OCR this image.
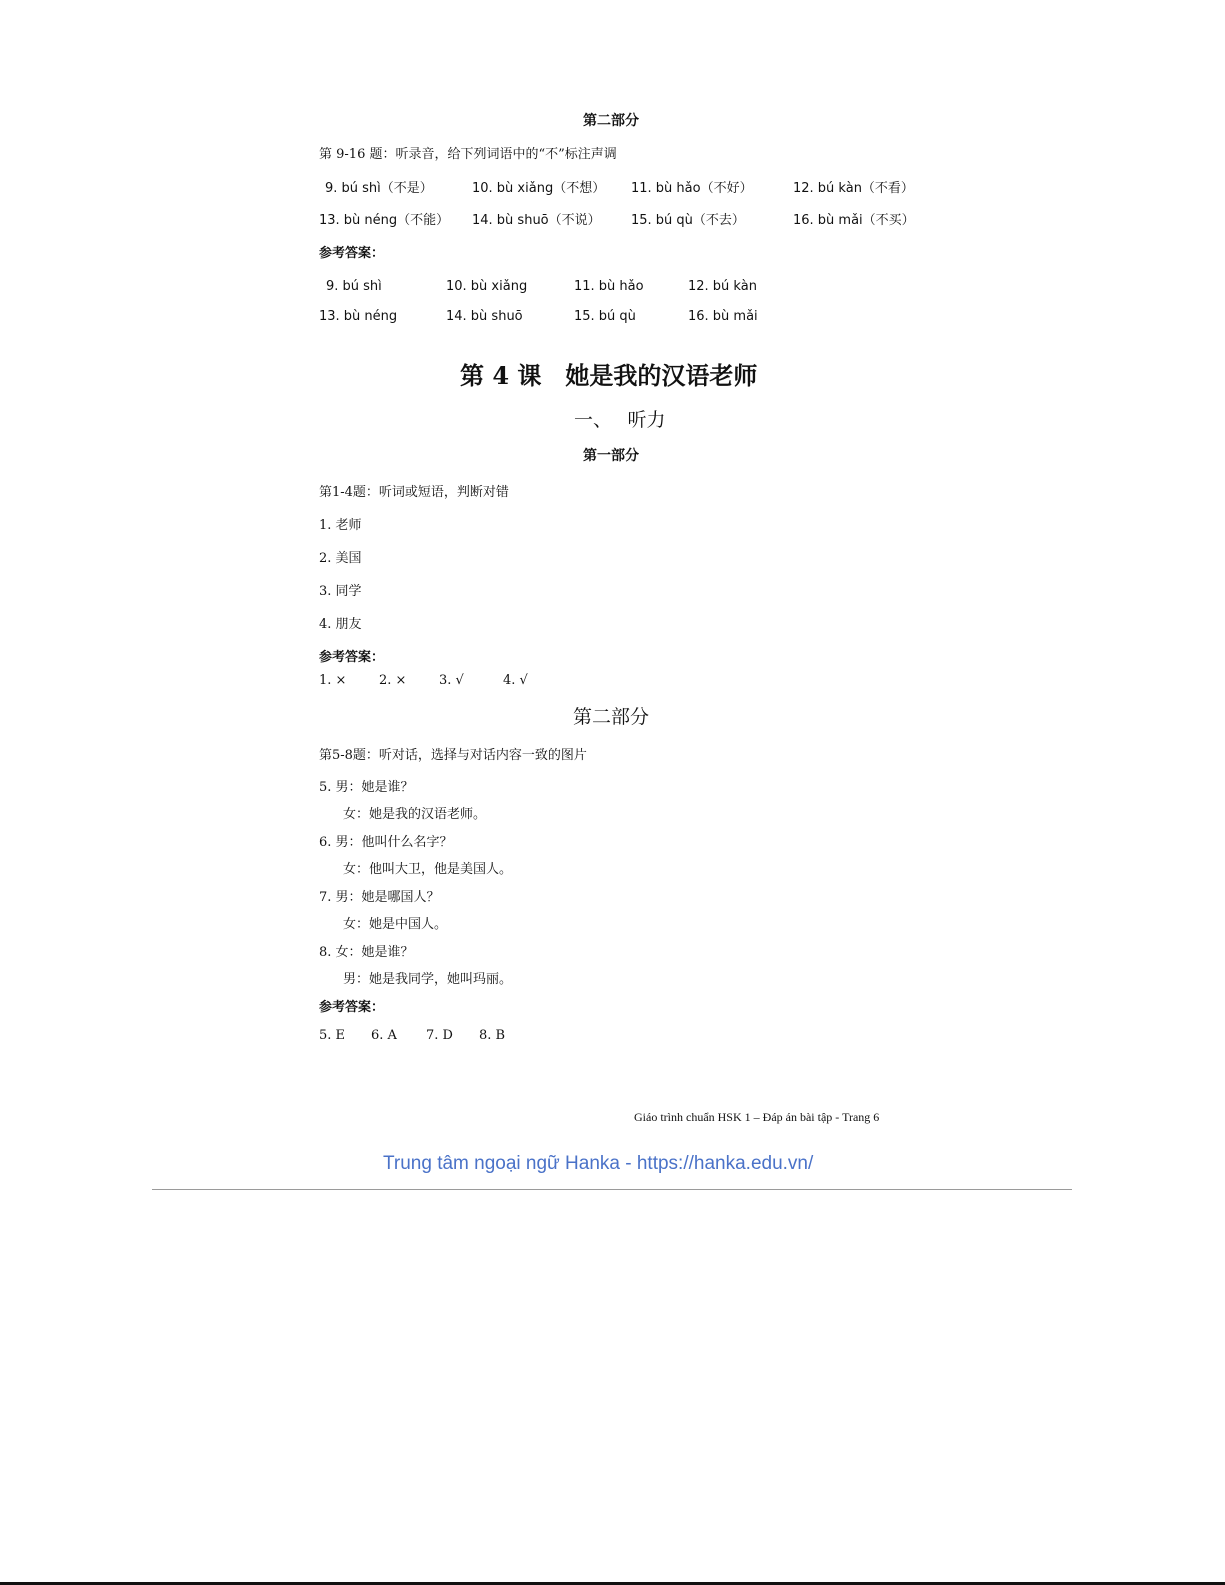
第二部分
第 9-16 题：听录音，给下列词语中的“不”标注声调
9. bú shì（不是）	10. bù xiǎng（不想） 11. bù hǎo（不好）	12. bú kàn（不看）
13. bù néng（不能） 14. bù shuō（不说） 15. bú qù（不去）	16. bù mǎi（不买）
参考答案：
9. bú shì	10. bù xiǎng	11. bù hǎo	12. bú kàn
13. bù néng	14. bù shuō	15. bú qù	16. bù mǎi
第 4 课　她是我的汉语老师
一、　 听力
第一部分
第1-4题：听词或短语，判断对错
1. 老师
2. 美国
3. 同学
4. 朋友
参考答案：
1. ×	2. ×	3. √	4. √
第二部分
第5-8题：听对话，选择与对话内容一致的图片
5. 男：她是谁？
女：她是我的汉语老师。
6. 男：他叫什么名字？
女：他叫大卫，他是美国人。
7. 男：她是哪国人？
女：她是中国人。
8. 女：她是谁？
男：她是我同学，她叫玛丽。
参考答案：
5. E 6. A 7. D 8. B
Giáo trình chuẩn HSK 1 – Đáp án bài tập - Trang 6
Trung tâm ngoại ngữ Hanka - https://hanka.edu.vn/
